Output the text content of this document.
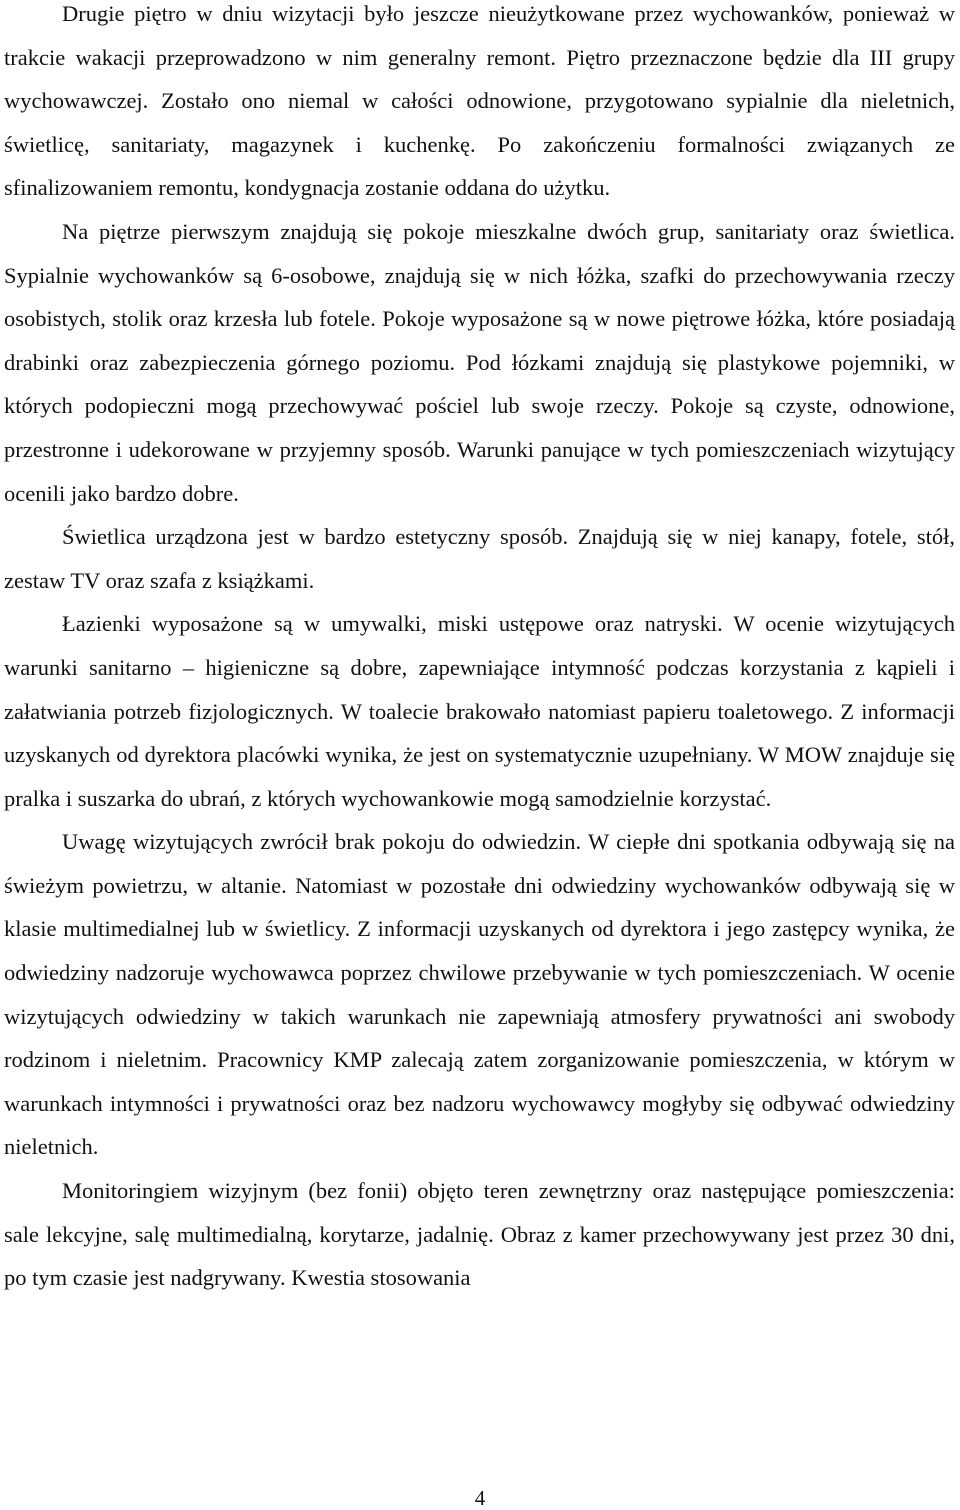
Drugie piętro w dniu wizytacji było jeszcze nieużytkowane przez wychowanków, ponieważ w trakcie wakacji przeprowadzono w nim generalny remont. Piętro przeznaczone będzie dla III grupy wychowawczej. Zostało ono niemal w całości odnowione, przygotowano sypialnie dla nieletnich, świetlicę, sanitariaty, magazynek i kuchenkę. Po zakończeniu formalności związanych ze sfinalizowaniem remontu, kondygnacja zostanie oddana do użytku.

Na piętrze pierwszym znajdują się pokoje mieszkalne dwóch grup, sanitariaty oraz świetlica. Sypialnie wychowanków są 6-osobowe, znajdują się w nich łóżka, szafki do przechowywania rzeczy osobistych, stolik oraz krzesła lub fotele. Pokoje wyposażone są w nowe piętrowe łóżka, które posiadają drabinki oraz zabezpieczenia górnego poziomu. Pod łózkami znajdują się plastykowe pojemniki, w których podopieczni mogą przechowywać pościel lub swoje rzeczy. Pokoje są czyste, odnowione, przestronne i udekorowane w przyjemny sposób. Warunki panujące w tych pomieszczeniach wizytujący ocenili jako bardzo dobre.

Świetlica urządzona jest w bardzo estetyczny sposób. Znajdują się w niej kanapy, fotele, stół, zestaw TV oraz szafa z książkami.

Łazienki wyposażone są w umywalki, miski ustępowe oraz natryski. W ocenie wizytujących warunki sanitarno – higieniczne są dobre, zapewniające intymność podczas korzystania z kąpieli i załatwiania potrzeb fizjologicznych. W toalecie brakowało natomiast papieru toaletowego. Z informacji uzyskanych od dyrektora placówki wynika, że jest on systematycznie uzupełniany. W MOW znajduje się pralka i suszarka do ubrań, z których wychowankowie mogą samodzielnie korzystać.

Uwagę wizytujących zwrócił brak pokoju do odwiedzin. W ciepłe dni spotkania odbywają się na świeżym powietrzu, w altanie. Natomiast w pozostałe dni odwiedziny wychowanków odbywają się w klasie multimedialnej lub w świetlicy. Z informacji uzyskanych od dyrektora i jego zastępcy wynika, że odwiedziny nadzoruje wychowawca poprzez chwilowe przebywanie w tych pomieszczeniach. W ocenie wizytujących odwiedziny w takich warunkach nie zapewniają atmosfery prywatności ani swobody rodzinom i nieletnim. Pracownicy KMP zalecają zatem zorganizowanie pomieszczenia, w którym w warunkach intymności i prywatności oraz bez nadzoru wychowawcy mogłyby się odbywać odwiedziny nieletnich.

Monitoringiem wizyjnym (bez fonii) objęto teren zewnętrzny oraz następujące pomieszczenia: sale lekcyjne, salę multimedialną, korytarze, jadalnię. Obraz z kamer przechowywany jest przez 30 dni, po tym czasie jest nadgrywany. Kwestia stosowania

4
